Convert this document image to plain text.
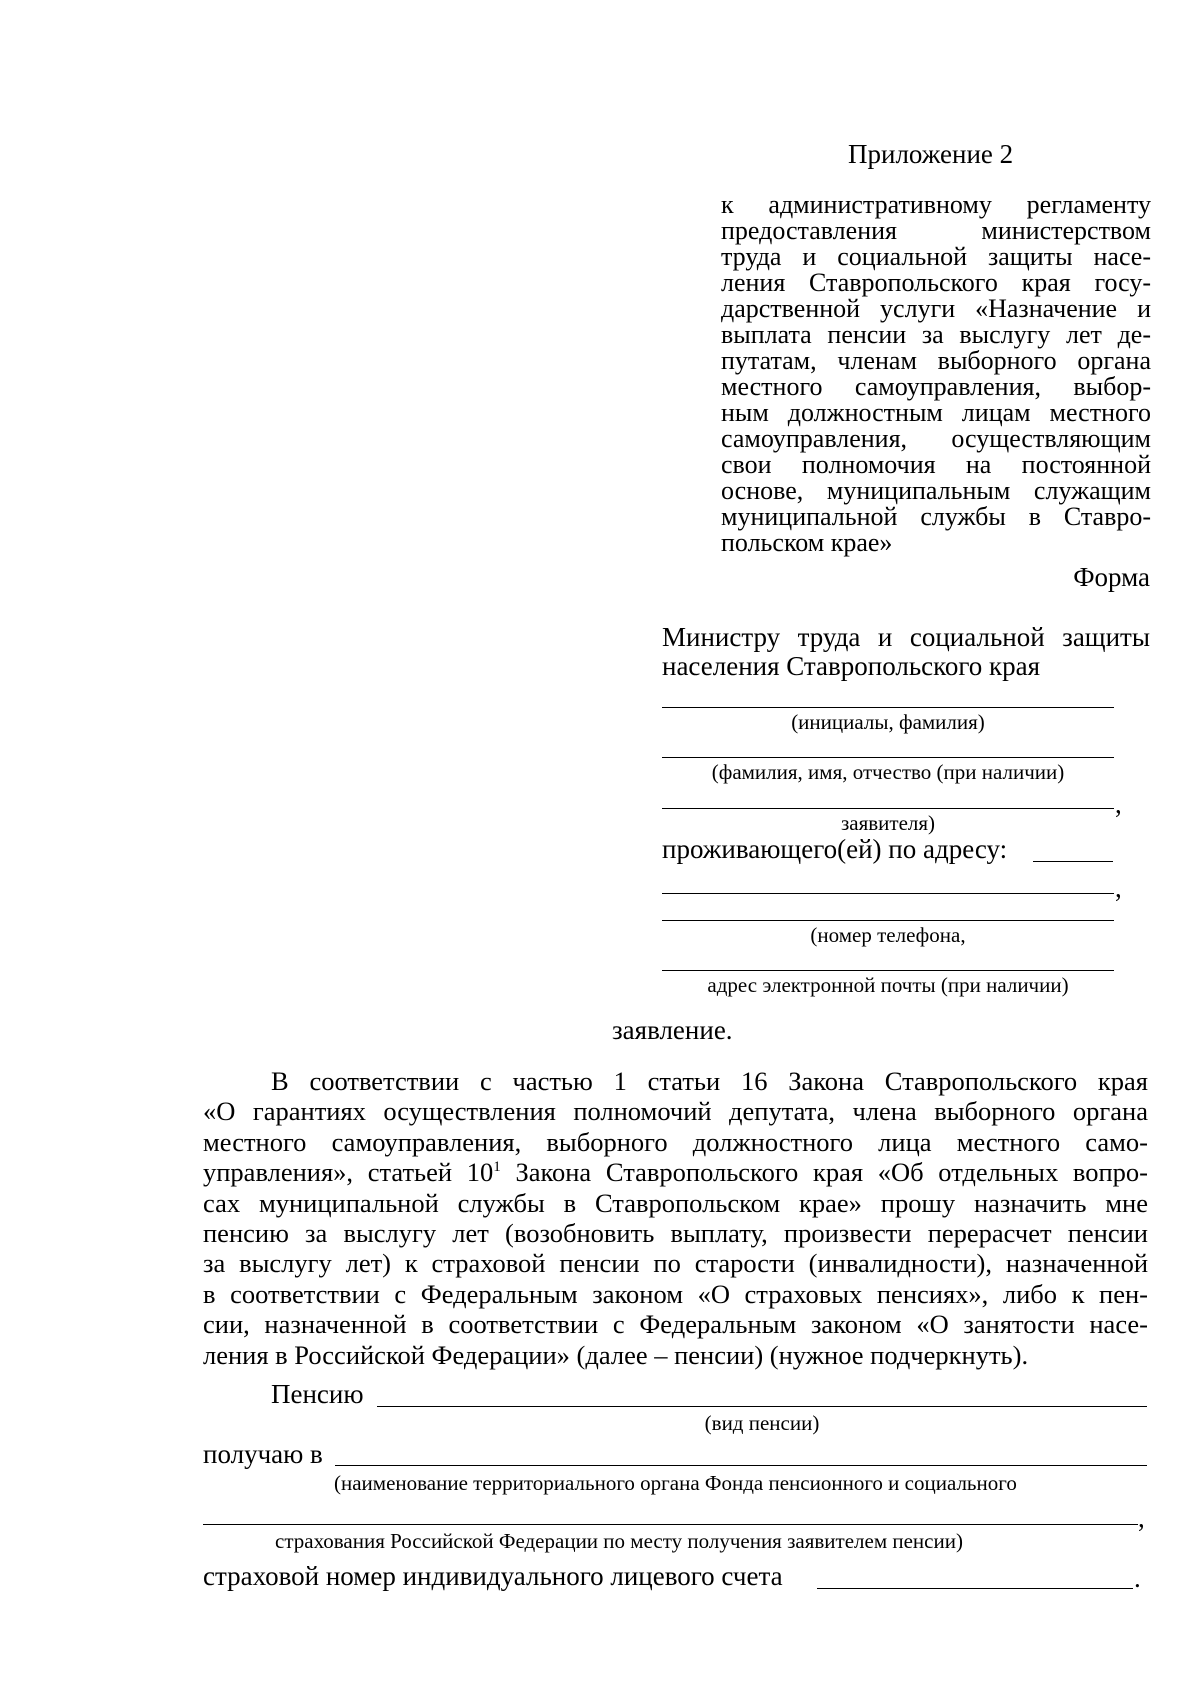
Приложение 2
к административному регламенту
предоставления министерством
труда и социальной защиты насе-
ления Ставропольского края госу-
дарственной услуги «Назначение и
выплата пенсии за выслугу лет де-
путатам, членам выборного органа
местного самоуправления, выбор-
ным должностным лицам местного
самоуправления, осуществляющим
свои полномочия на постоянной
основе, муниципальным служащим
муниципальной службы в Ставро-
польском крае»
Форма
Министру труда и социальной защиты
населения Ставропольского края
(инициалы, фамилия)
(фамилия, имя, отчество (при наличии)
,
заявителя)
проживающего(ей) по адресу:
,
(номер телефона,
адрес электронной почты (при наличии)
заявление.
В соответствии с частью 1 статьи 16 Закона Ставропольского края
«О гарантиях осуществления полномочий депутата, члена выборного органа
местного самоуправления, выборного должностного лица местного само-
управления», статьей $10^1$ Закона Ставропольского края «Об отдельных вопро-
сах муниципальной службы в Ставропольском крае» прошу назначить мне
пенсию за выслугу лет (возобновить выплату, произвести перерасчет пенсии
за выслугу лет) к страховой пенсии по старости (инвалидности), назначенной
в соответствии с Федеральным законом «О страховых пенсиях», либо к пен-
сии, назначенной в соответствии с Федеральным законом «О занятости насе-
ления в Российской Федерации» (далее – пенсии) (нужное подчеркнуть).
Пенсию
(вид пенсии)
получаю в
(наименование территориального органа Фонда пенсионного и социального
,
страхования Российской Федерации по месту получения заявителем пенсии)
страховой номер индивидуального лицевого счета	.
